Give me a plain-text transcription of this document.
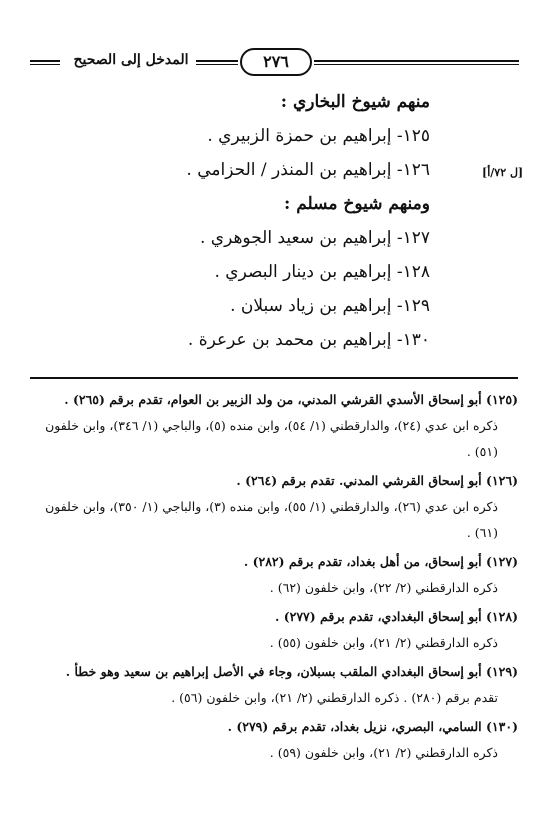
المدخل إلى الصحيح	٢٧٦
[ل ٧٢/أ]
منهم شيوخ البخاري :
١٢٥- إبراهيم بن حمزة الزبيري .
١٢٦- إبراهيم بن المنذر / الحزامي .
ومنهم شيوخ مسلم :
١٢٧- إبراهيم بن سعيد الجوهري .
١٢٨- إبراهيم بن دينار البصري .
١٢٩- إبراهيم بن زياد سبلان .
١٣٠- إبراهيم بن محمد بن عرعرة .
(١٢٥) أبو إسحاق الأسدي القرشي المدني، من ولد الزبير بن العوام، تقدم برقم (٢٦٥) .
ذكره ابن عدي (٢٤)، والدارقطني (١/ ٥٤)، وابن منده (٥)، والباجي (١/ ٣٤٦)، وابن خلفون (٥١) .
(١٢٦) أبو إسحاق القرشي المدني. تقدم برقم (٢٦٤) .
ذكره ابن عدي (٢٦)، والدارقطني (١/ ٥٥)، وابن منده (٣)، والباجي (١/ ٣٥٠)، وابن خلفون (٦١) .
(١٢٧) أبو إسحاق، من أهل بغداد، تقدم برقم (٢٨٢) .
ذكره الدارقطني (٢/ ٢٢)، وابن خلفون (٦٢) .
(١٢٨) أبو إسحاق البغدادي، تقدم برقم (٢٧٧) .
ذكره الدارقطني (٢/ ٢١)، وابن خلفون (٥٥) .
(١٢٩) أبو إسحاق البغدادي الملقب بسبلان، وجاء في الأصل إبراهيم بن سعيد وهو خطأ .
تقدم برقم (٢٨٠) . ذكره الدارقطني (٢/ ٢١)، وابن خلفون (٥٦) .
(١٣٠) السامي، البصري، نزيل بغداد، تقدم برقم (٢٧٩) .
ذكره الدارقطني (٢/ ٢١)، وابن خلفون (٥٩) .
